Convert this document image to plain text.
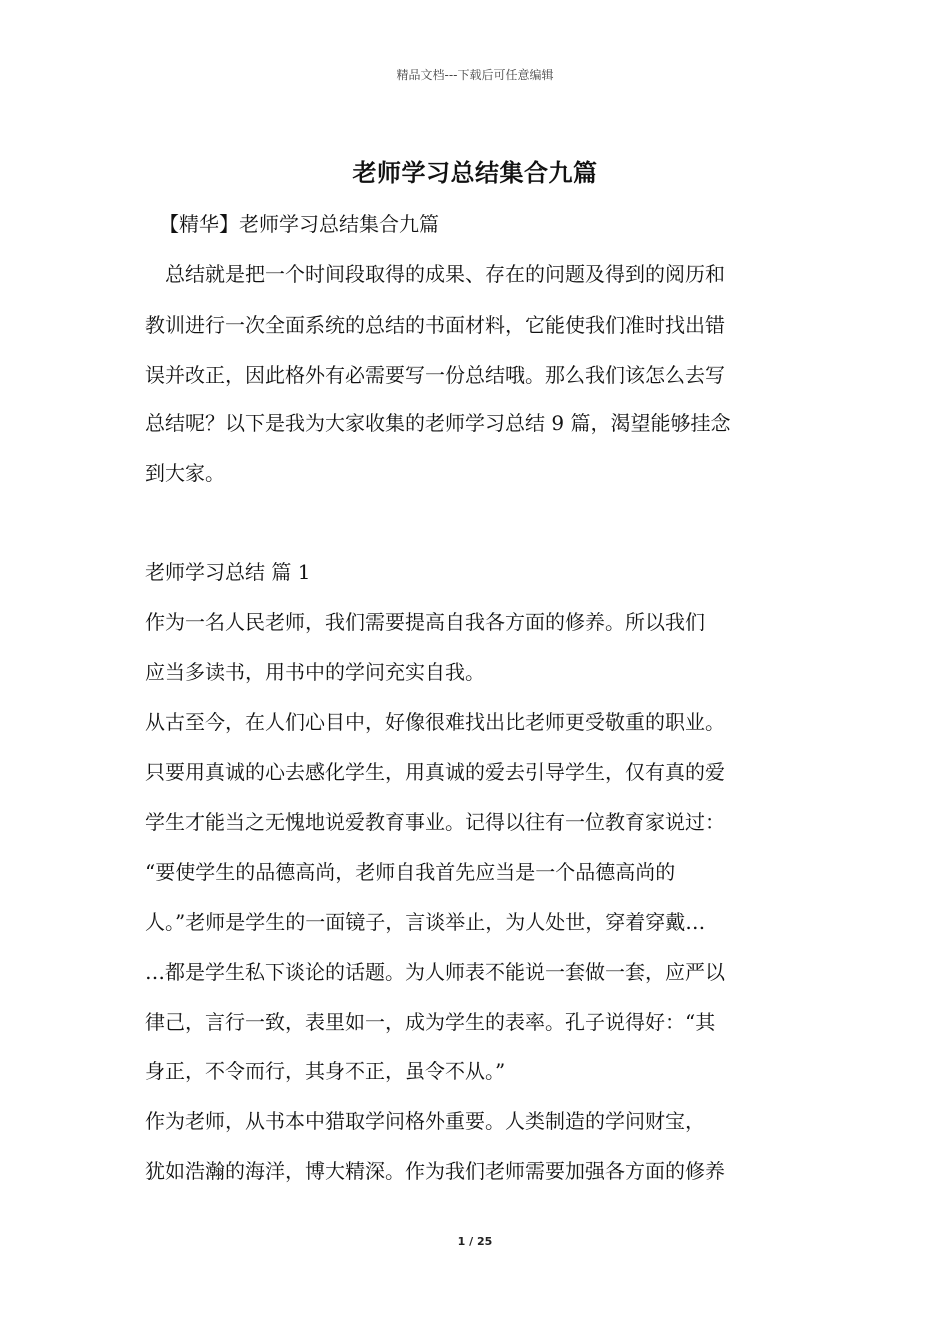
精品文档---下载后可任意编辑
老师学习总结集合九篇
【精华】老师学习总结集合九篇
　总结就是把一个时间段取得的成果、存在的问题及得到的阅历和
教训进行一次全面系统的总结的书面材料，它能使我们准时找出错
误并改正，因此格外有必需要写一份总结哦。那么我们该怎么去写
总结呢？以下是我为大家收集的老师学习总结 9 篇，渴望能够挂念
到大家。
老师学习总结 篇 1
作为一名人民老师，我们需要提高自我各方面的修养。所以我们
应当多读书，用书中的学问充实自我。
从古至今，在人们心目中，好像很难找出比老师更受敬重的职业。
只要用真诚的心去感化学生，用真诚的爱去引导学生，仅有真的爱
学生才能当之无愧地说爱教育事业。记得以往有一位教育家说过：
“要使学生的品德高尚，老师自我首先应当是一个品德高尚的
人。”老师是学生的一面镜子，言谈举止，为人处世，穿着穿戴…
…都是学生私下谈论的话题。为人师表不能说一套做一套，应严以
律己，言行一致，表里如一，成为学生的表率。孔子说得好：“其
身正，不令而行，其身不正，虽令不从。”
作为老师，从书本中猎取学问格外重要。人类制造的学问财宝，
犹如浩瀚的海洋，博大精深。作为我们老师需要加强各方面的修养
1 / 25
